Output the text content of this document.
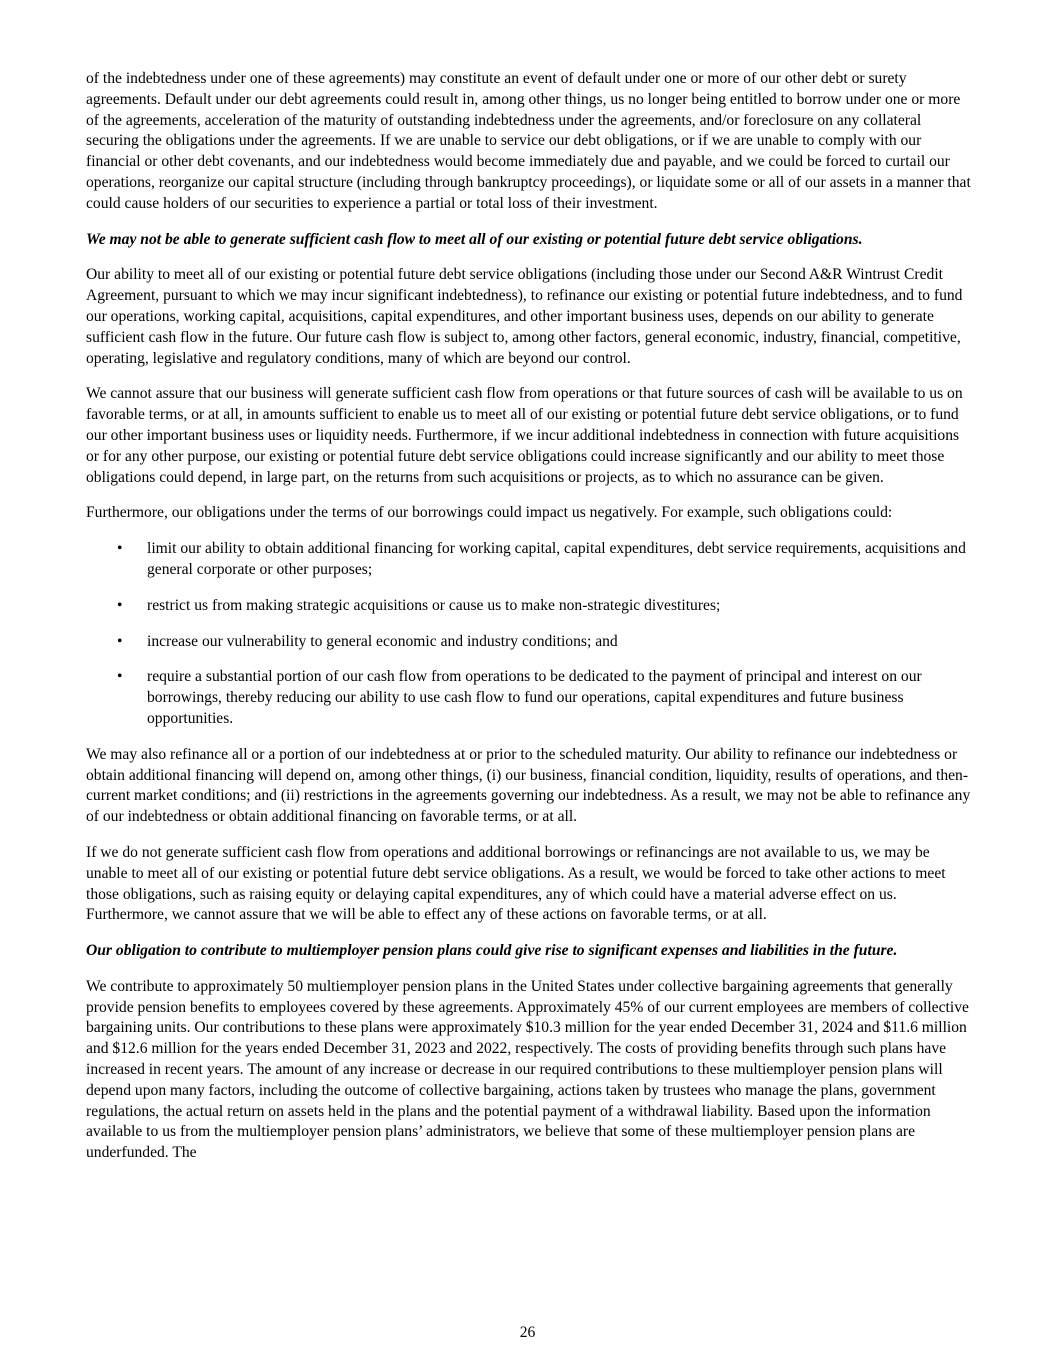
of the indebtedness under one of these agreements) may constitute an event of default under one or more of our other debt or surety agreements. Default under our debt agreements could result in, among other things, us no longer being entitled to borrow under one or more of the agreements, acceleration of the maturity of outstanding indebtedness under the agreements, and/or foreclosure on any collateral securing the obligations under the agreements. If we are unable to service our debt obligations, or if we are unable to comply with our financial or other debt covenants, and our indebtedness would become immediately due and payable, and we could be forced to curtail our operations, reorganize our capital structure (including through bankruptcy proceedings), or liquidate some or all of our assets in a manner that could cause holders of our securities to experience a partial or total loss of their investment.

We may not be able to generate sufficient cash flow to meet all of our existing or potential future debt service obligations.

Our ability to meet all of our existing or potential future debt service obligations (including those under our Second A&R Wintrust Credit Agreement, pursuant to which we may incur significant indebtedness), to refinance our existing or potential future indebtedness, and to fund our operations, working capital, acquisitions, capital expenditures, and other important business uses, depends on our ability to generate sufficient cash flow in the future. Our future cash flow is subject to, among other factors, general economic, industry, financial, competitive, operating, legislative and regulatory conditions, many of which are beyond our control.

We cannot assure that our business will generate sufficient cash flow from operations or that future sources of cash will be available to us on favorable terms, or at all, in amounts sufficient to enable us to meet all of our existing or potential future debt service obligations, or to fund our other important business uses or liquidity needs. Furthermore, if we incur additional indebtedness in connection with future acquisitions or for any other purpose, our existing or potential future debt service obligations could increase significantly and our ability to meet those obligations could depend, in large part, on the returns from such acquisitions or projects, as to which no assurance can be given.

Furthermore, our obligations under the terms of our borrowings could impact us negatively. For example, such obligations could:

• limit our ability to obtain additional financing for working capital, capital expenditures, debt service requirements, acquisitions and general corporate or other purposes;
• restrict us from making strategic acquisitions or cause us to make non-strategic divestitures;
• increase our vulnerability to general economic and industry conditions; and
• require a substantial portion of our cash flow from operations to be dedicated to the payment of principal and interest on our borrowings, thereby reducing our ability to use cash flow to fund our operations, capital expenditures and future business opportunities.

We may also refinance all or a portion of our indebtedness at or prior to the scheduled maturity. Our ability to refinance our indebtedness or obtain additional financing will depend on, among other things, (i) our business, financial condition, liquidity, results of operations, and then-current market conditions; and (ii) restrictions in the agreements governing our indebtedness. As a result, we may not be able to refinance any of our indebtedness or obtain additional financing on favorable terms, or at all.

If we do not generate sufficient cash flow from operations and additional borrowings or refinancings are not available to us, we may be unable to meet all of our existing or potential future debt service obligations. As a result, we would be forced to take other actions to meet those obligations, such as raising equity or delaying capital expenditures, any of which could have a material adverse effect on us. Furthermore, we cannot assure that we will be able to effect any of these actions on favorable terms, or at all.

Our obligation to contribute to multiemployer pension plans could give rise to significant expenses and liabilities in the future.

We contribute to approximately 50 multiemployer pension plans in the United States under collective bargaining agreements that generally provide pension benefits to employees covered by these agreements. Approximately 45% of our current employees are members of collective bargaining units. Our contributions to these plans were approximately $10.3 million for the year ended December 31, 2024 and $11.6 million and $12.6 million for the years ended December 31, 2023 and 2022, respectively. The costs of providing benefits through such plans have increased in recent years. The amount of any increase or decrease in our required contributions to these multiemployer pension plans will depend upon many factors, including the outcome of collective bargaining, actions taken by trustees who manage the plans, government regulations, the actual return on assets held in the plans and the potential payment of a withdrawal liability. Based upon the information available to us from the multiemployer pension plans’ administrators, we believe that some of these multiemployer pension plans are underfunded. The

26
